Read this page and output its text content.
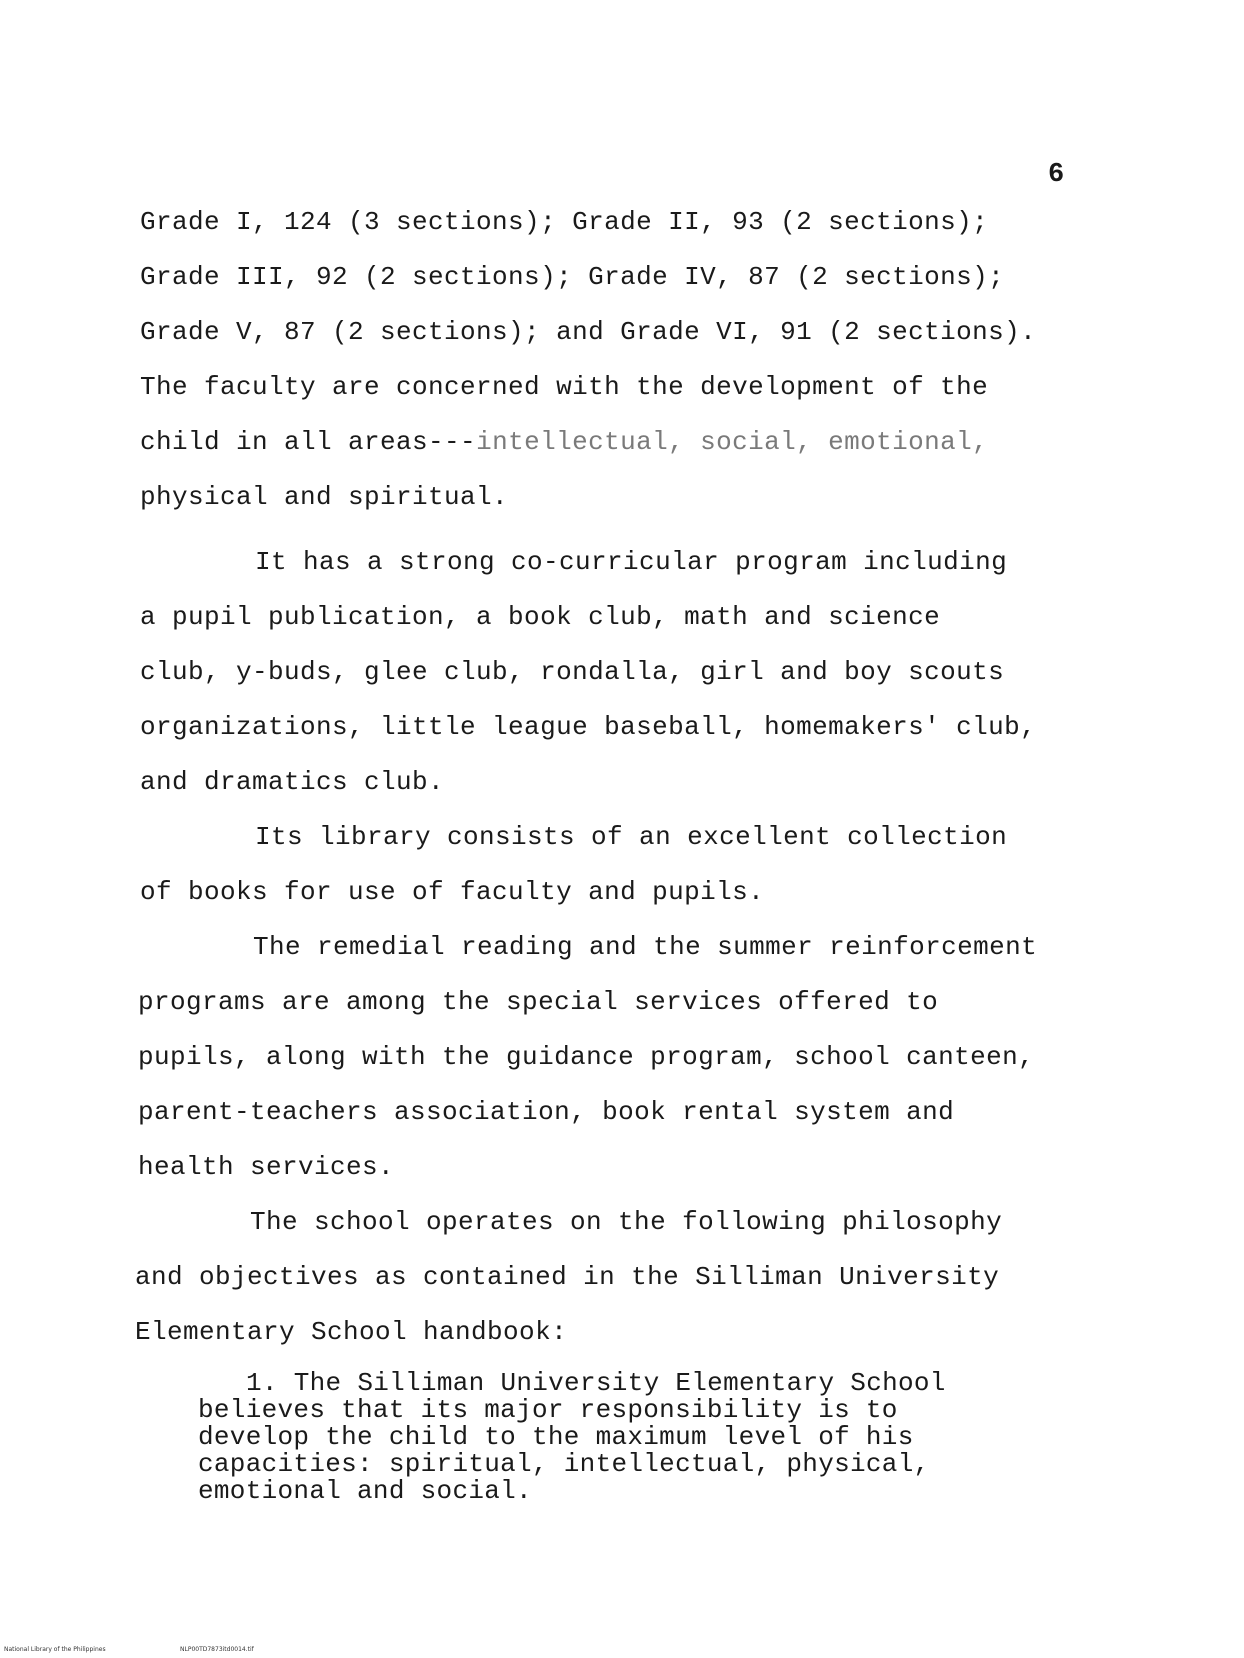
6
Grade I, 124 (3 sections); Grade II, 93 (2 sections);
Grade III, 92 (2 sections); Grade IV, 87 (2 sections);
Grade V, 87 (2 sections); and Grade VI, 91 (2 sections).
The faculty are concerned with the development of the
child in all areas---intellectual, social, emotional,
physical and spiritual.
It has a strong co-curricular program including
a pupil publication, a book club, math and science
club, y-buds, glee club, rondalla, girl and boy scouts
organizations, little league baseball, homemakers' club,
and dramatics club.
Its library consists of an excellent collection
of books for use of faculty and pupils.
The remedial reading and the summer reinforcement
programs are among the special services offered to
pupils, along with the guidance program, school canteen,
parent-teachers association, book rental system and
health services.
The school operates on the following philosophy
and objectives as contained in the Silliman University
Elementary School handbook:
1. The Silliman University Elementary School
believes that its major responsibility is to
develop the child to the maximum level of his
capacities: spiritual, intellectual, physical,
emotional and social.
National Library of the Philippines	NLP00TD7873itd0014.tif
